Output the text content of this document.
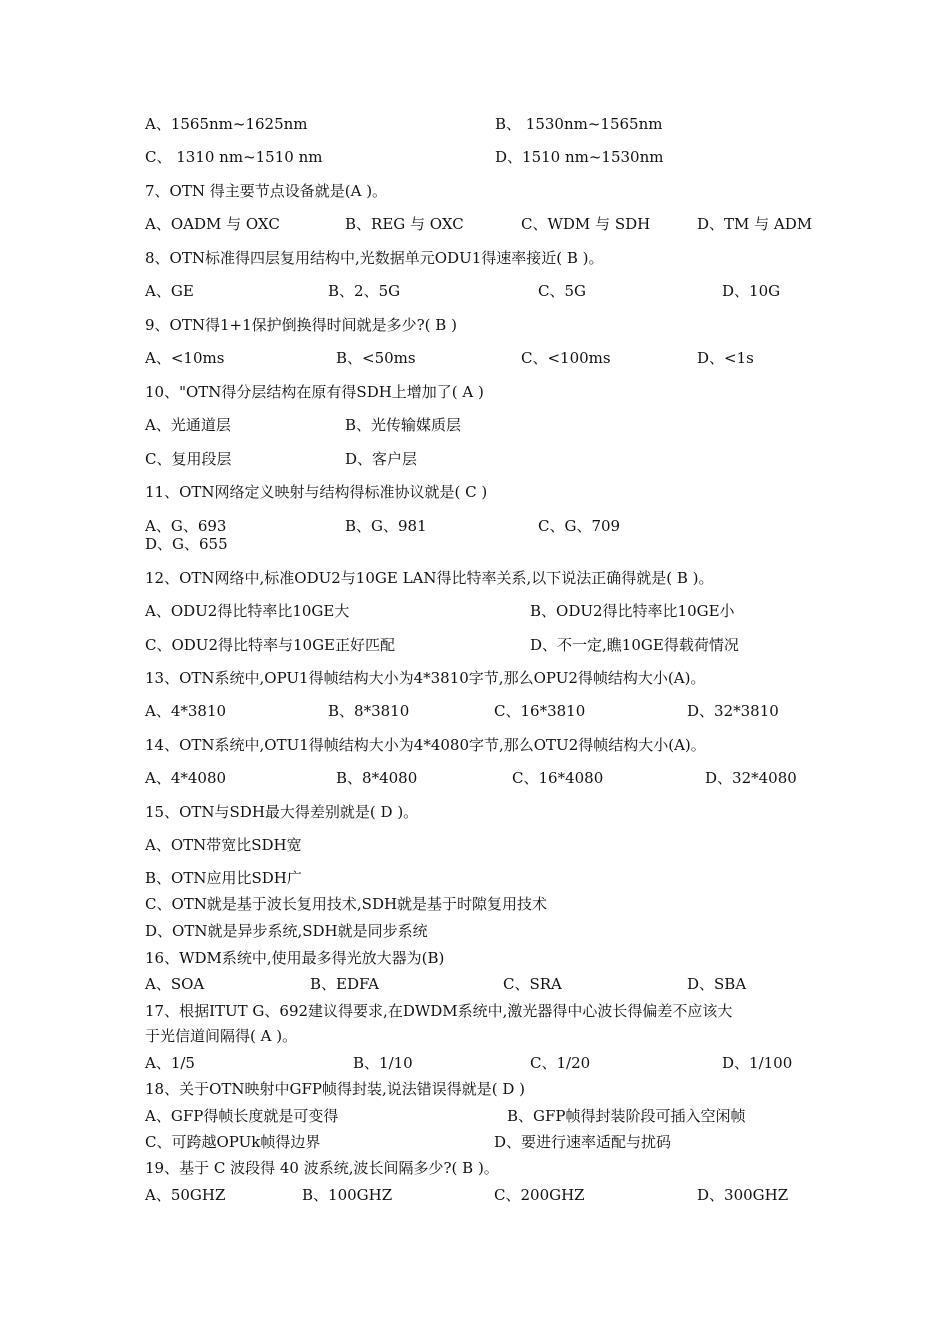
A、1565nm~1625nm	B、 1530nm~1565nm
C、 1310 nm~1510 nm	D、1510 nm~1530nm
7、OTN 得主要节点设备就是(A )。
A、OADM 与 OXC	B、REG 与 OXC	C、WDM 与 SDH	D、TM 与 ADM
8、OTN标准得四层复用结构中,光数据单元ODU1得速率接近( B )。
A、GE	B、2、5G	C、5G	D、10G
9、OTN得1+1保护倒换得时间就是多少?( B )
A、<10ms	B、<50ms	C、<100ms	D、<1s
10、"OTN得分层结构在原有得SDH上增加了( A )
A、光通道层	B、光传输媒质层
C、复用段层	D、客户层
11、OTN网络定义映射与结构得标准协议就是( C )
A、G、693	B、G、981	C、G、709
D、G、655
12、OTN网络中,标准ODU2与10GE LAN得比特率关系,以下说法正确得就是( B )。
A、ODU2得比特率比10GE大	B、ODU2得比特率比10GE小
C、ODU2得比特率与10GE正好匹配	D、不一定,瞧10GE得载荷情况
13、OTN系统中,OPU1得帧结构大小为4*3810字节,那么OPU2得帧结构大小(A)。
A、4*3810	B、8*3810	C、16*3810	D、32*3810
14、OTN系统中,OTU1得帧结构大小为4*4080字节,那么OTU2得帧结构大小(A)。
A、4*4080	B、8*4080	C、16*4080	D、32*4080
15、OTN与SDH最大得差别就是( D )。
A、OTN带宽比SDH宽
B、OTN应用比SDH广
C、OTN就是基于波长复用技术,SDH就是基于时隙复用技术
D、OTN就是异步系统,SDH就是同步系统
16、WDM系统中,使用最多得光放大器为(B)
A、SOA	B、EDFA	C、SRA	D、SBA
17、根据ITUT G、692建议得要求,在DWDM系统中,激光器得中心波长得偏差不应该大
于光信道间隔得( A )。
A、1/5	B、1/10	C、1/20	D、1/100
18、关于OTN映射中GFP帧得封装,说法错误得就是( D )
A、GFP得帧长度就是可变得	B、GFP帧得封装阶段可插入空闲帧
C、可跨越OPUk帧得边界	D、要进行速率适配与扰码
19、基于 C 波段得 40 波系统,波长间隔多少?( B )。
A、50GHZ	B、100GHZ	C、200GHZ	D、300GHZ
